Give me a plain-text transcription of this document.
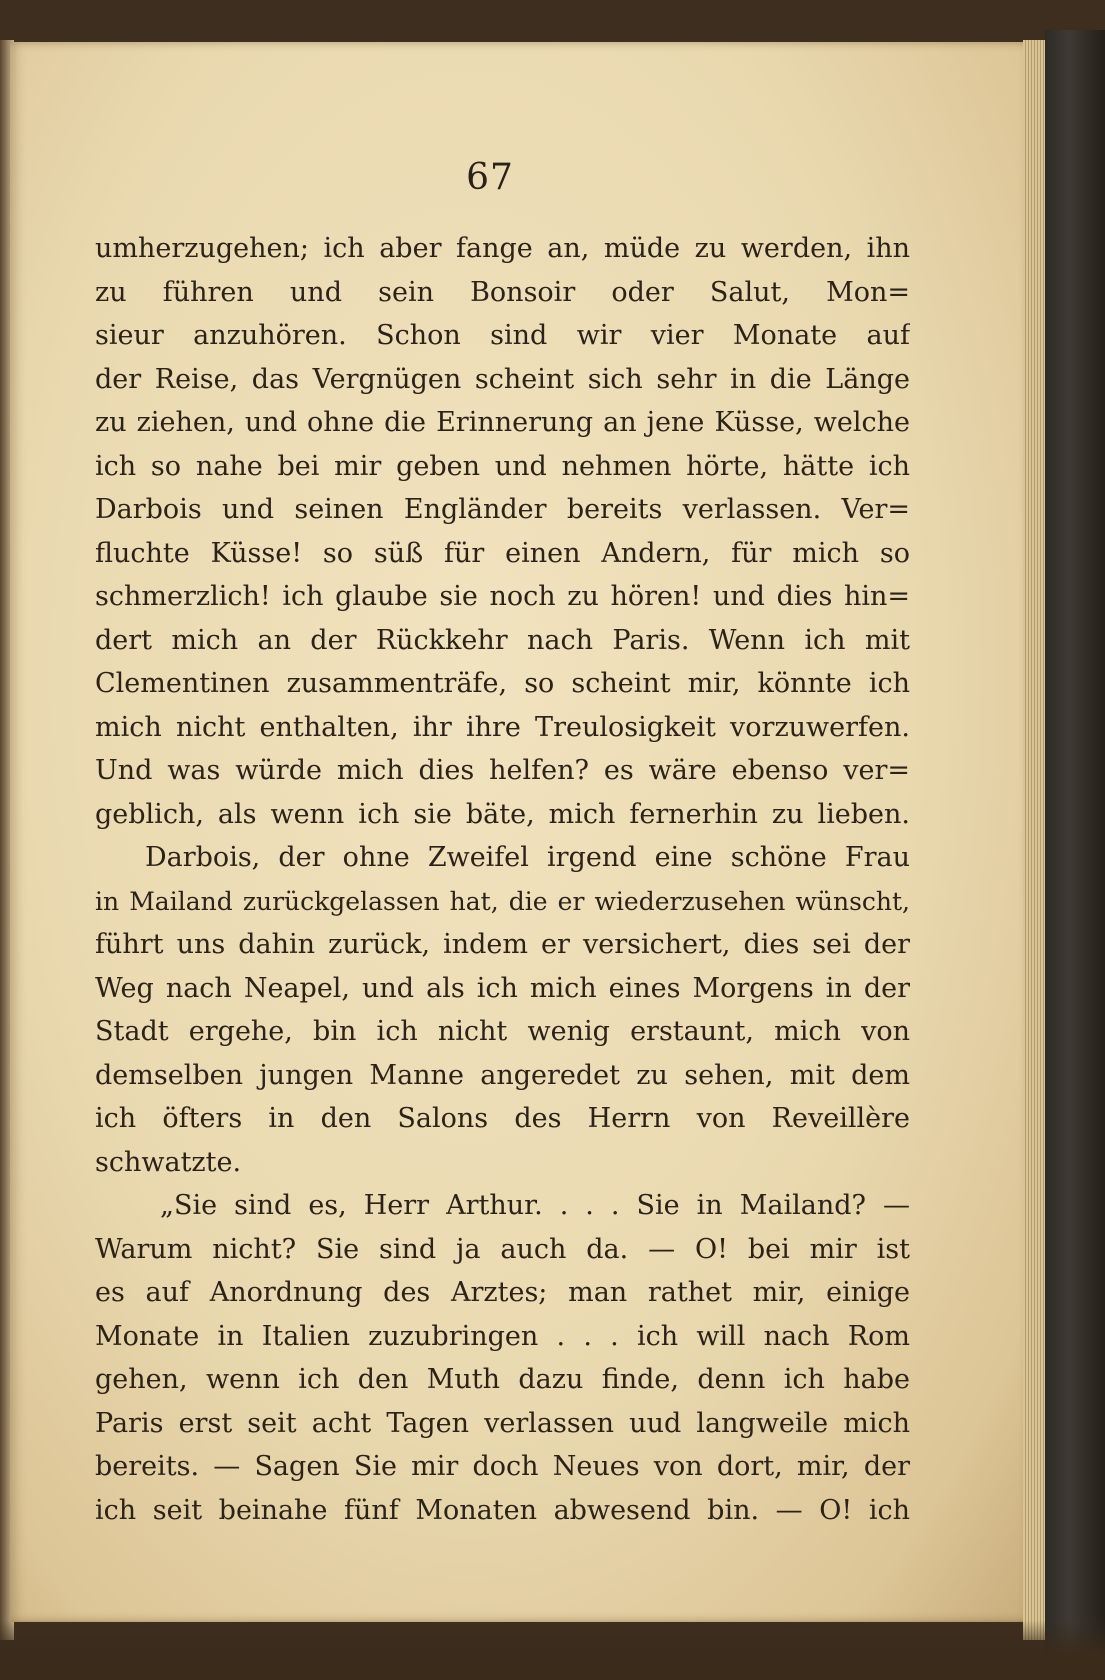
67
umherzugehen; ich aber fange an, müde zu werden, ihn
zu führen und sein Bonsoir oder Salut, Mon=
sieur anzuhören. Schon sind wir vier Monate auf
der Reise, das Vergnügen scheint sich sehr in die Länge
zu ziehen, und ohne die Erinnerung an jene Küsse, welche
ich so nahe bei mir geben und nehmen hörte, hätte ich
Darbois und seinen Engländer bereits verlassen. Ver=
fluchte Küsse! so süß für einen Andern, für mich so
schmerzlich! ich glaube sie noch zu hören! und dies hin=
dert mich an der Rückkehr nach Paris. Wenn ich mit
Clementinen zusammenträfe, so scheint mir, könnte ich
mich nicht enthalten, ihr ihre Treulosigkeit vorzuwerfen.
Und was würde mich dies helfen? es wäre ebenso ver=
geblich, als wenn ich sie bäte, mich fernerhin zu lieben.
Darbois, der ohne Zweifel irgend eine schöne Frau
in Mailand zurückgelassen hat, die er wiederzusehen wünscht,
führt uns dahin zurück, indem er versichert, dies sei der
Weg nach Neapel, und als ich mich eines Morgens in der
Stadt ergehe, bin ich nicht wenig erstaunt, mich von
demselben jungen Manne angeredet zu sehen, mit dem
ich öfters in den Salons des Herrn von Reveillère
schwatzte.
„Sie sind es, Herr Arthur. . . . Sie in Mailand? —
Warum nicht? Sie sind ja auch da. — O! bei mir ist
es auf Anordnung des Arztes; man rathet mir, einige
Monate in Italien zuzubringen . . . ich will nach Rom
gehen, wenn ich den Muth dazu finde, denn ich habe
Paris erst seit acht Tagen verlassen uud langweile mich
bereits. — Sagen Sie mir doch Neues von dort, mir, der
ich seit beinahe fünf Monaten abwesend bin. — O! ich
